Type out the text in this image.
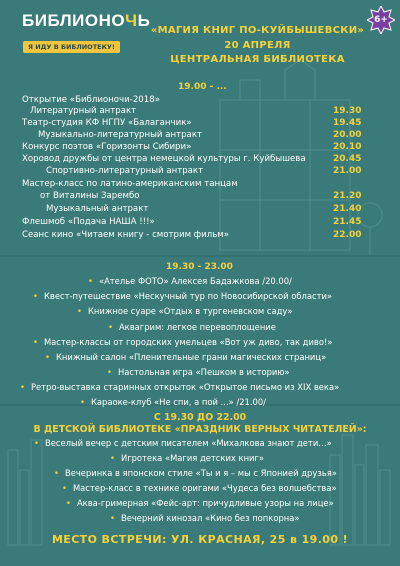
БИБЛИОНОЧЬ
Я ИДУ В БИБЛИОТЕКУ!
6+
«МАГИЯ КНИГ ПО-КУЙБЫШЕВСКИ»
20 АПРЕЛЯ
ЦЕНТРАЛЬНАЯ БИБЛИОТЕКА
19.00 - ...
Открытие «Библионочи-2018»
Литературный антракт	19.30
Театр-студия КФ НГПУ «Балаганчик»	19.45
Музыкально-литературный антракт	20.00
Конкурс поэтов «Горизонты Сибири»	20.10
Хоровод дружбы от центра немецкой культуры г. Куйбышева	20.45
Спортивно-литературный антракт	21.00
Мастер-класс по латино-американским танцам
от Виталины Зарембо	21.20
Музыкальный антракт	21.40
Флешмоб «Подача НАША !!!»	21.45
Сеанс кино «Читаем книгу - смотрим фильм»	22.00
19.30 - 23.00
• «Ателье ФОТО» Алексея Бадажкова /20.00/
• Квест-путешествие «Нескучный тур по Новосибирской области»
• Книжное суаре «Отдых в тургеневском саду»
• Аквагрим: легкое перевоплощение
• Мастер-классы от городских умельцев «Вот уж диво, так диво!»
• Книжный салон «Пленительные грани магических страниц»
• Настольная игра «Пешком в историю»
• Ретро-выставка старинных открыток «Открытое письмо из XIX века»
• Караоке-клуб «Не спи, а пой ...» /21.00/
С 19.30 ДО 22.00
В ДЕТСКОЙ БИБЛИОТЕКЕ «ПРАЗДНИК ВЕРНЫХ ЧИТАТЕЛЕЙ»:
• Веселый вечер с детским писателем «Михалкова знают дети…»
• Игротека «Магия детских книг»
• Вечеринка в японском стиле «Ты и я – мы с Японией друзья»
• Мастер-класс в технике оригами «Чудеса без волшебства»
• Аква-гримерная «Фейс-арт: причудливые узоры на лице»
• Вечерний кинозал «Кино без попкорна»
МЕСТО ВСТРЕЧИ: УЛ. КРАСНАЯ, 25 в 19.00 !
